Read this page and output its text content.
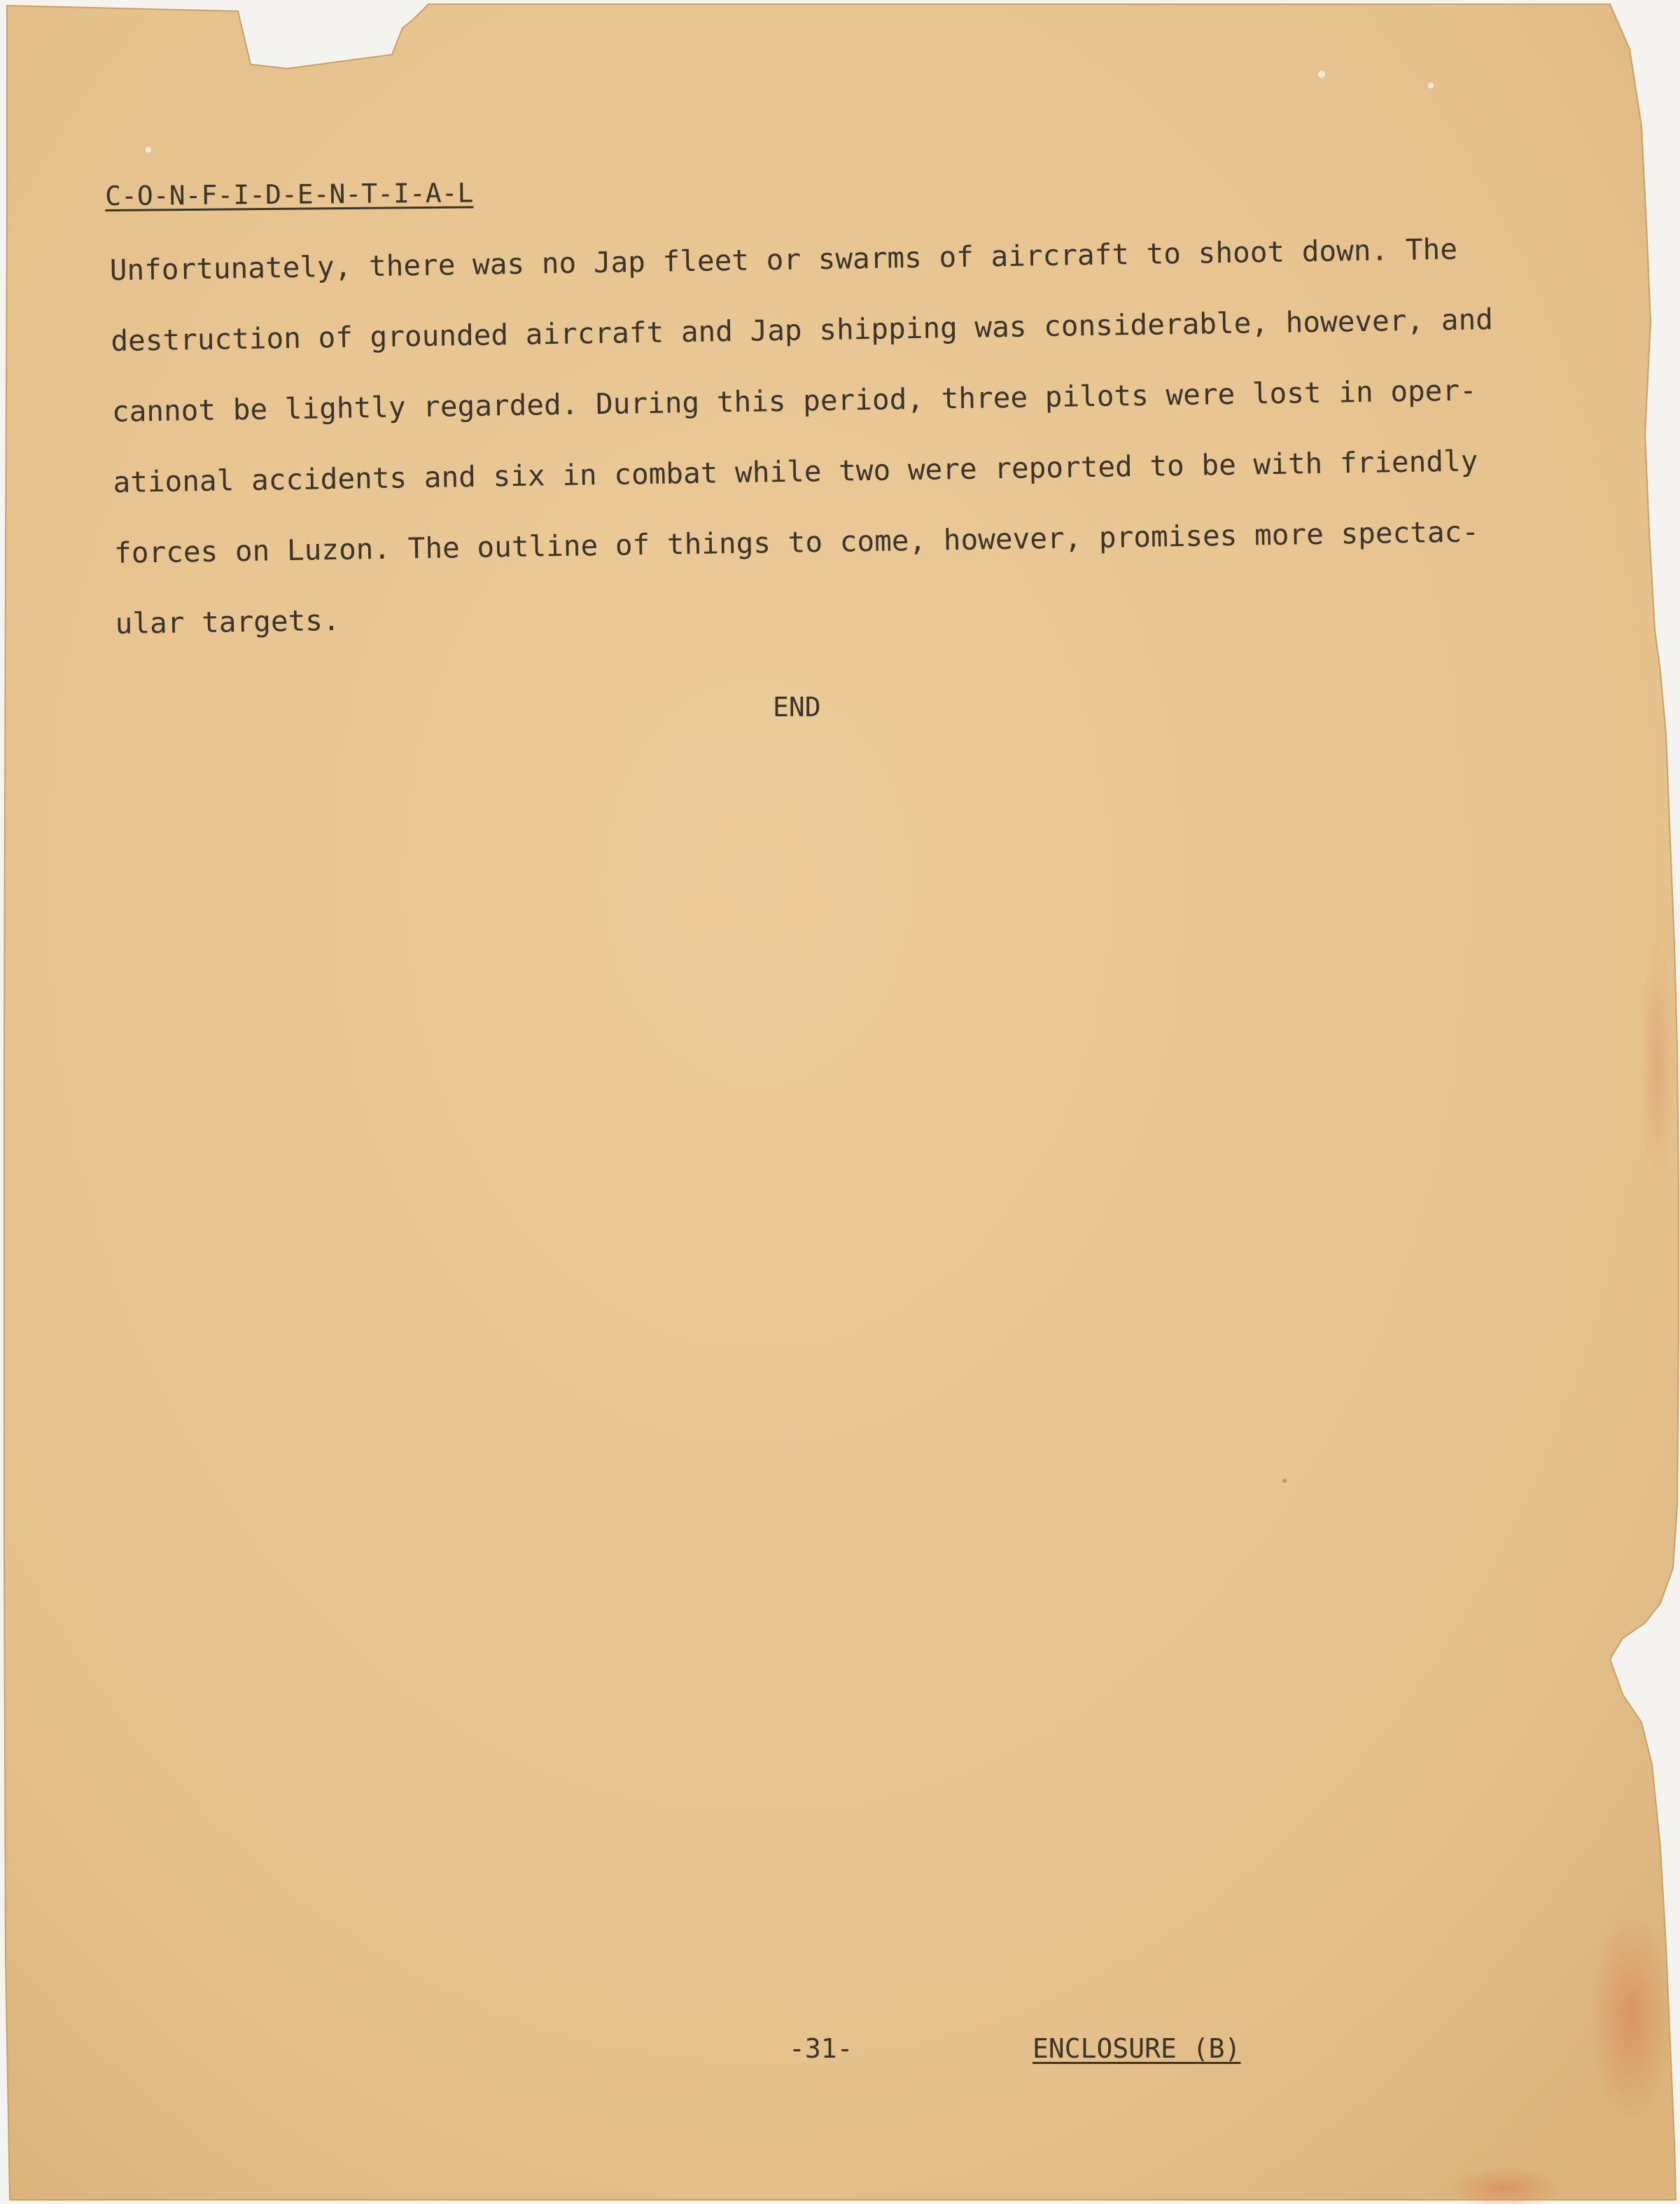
C-O-N-F-I-D-E-N-T-I-A-L

Unfortunately, there was no Jap fleet or swarms of aircraft to shoot down. The
destruction of grounded aircraft and Jap shipping was considerable, however, and
cannot be lightly regarded. During this period, three pilots were lost in oper-
ational accidents and six in combat while two were reported to be with friendly
forces on Luzon. The outline of things to come, however, promises more spectac-
ular targets.

END

-31-	ENCLOSURE (B)
